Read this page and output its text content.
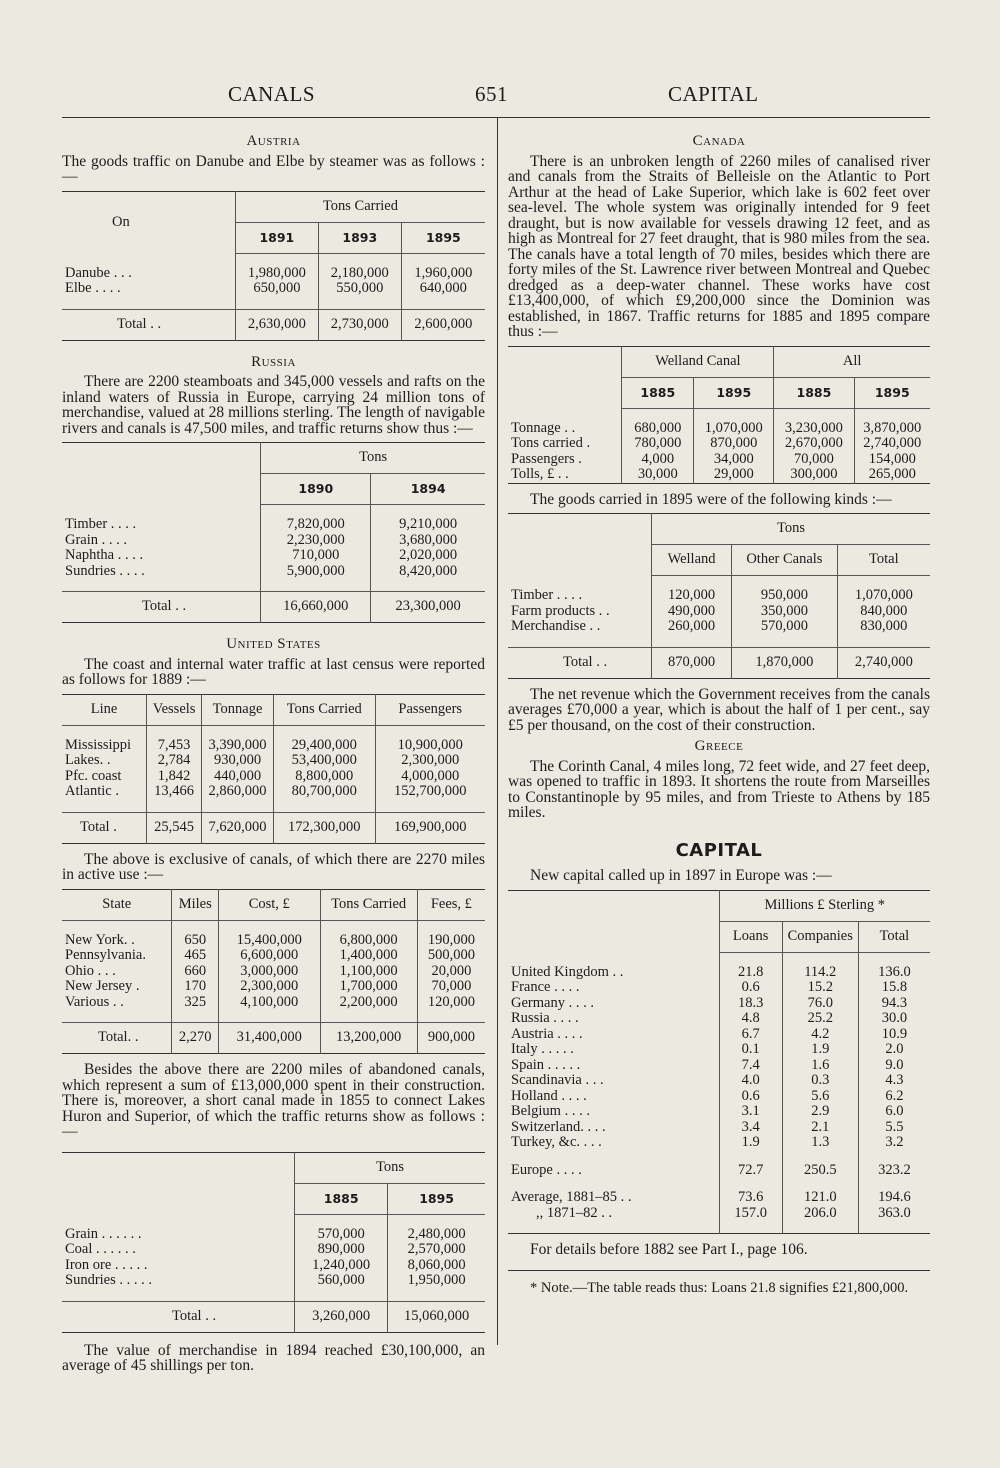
CANALS	651	CAPITAL
Austria

The goods traffic on Danube and Elbe by steamer was as follows :—

On	Tons Carried		
	1891	1893	1895

Danube . . .	1,980,000	2,180,000	1,960,000
Elbe . . . .	650,000	550,000	640,000

Total . .	2,630,000	2,730,000	2,600,000
Russia

There are 2200 steamboats and 345,000 vessels and rafts on the inland waters of Russia in Europe, carrying 24 million tons of merchandise, valued at 28 millions sterling. The length of navigable rivers and canals is 47,500 miles, and traffic returns show thus :—

	Tons	
	1890	1894

Timber . . . .	7,820,000	9,210,000
Grain . . . .	2,230,000	3,680,000
Naphtha . . . .	710,000	2,020,000
Sundries . . . .	5,900,000	8,420,000

Total . .	16,660,000	23,300,000
United States

The coast and internal water traffic at last census were reported as follows for 1889 :—

Line	Vessels	Tonnage	Tons Carried	Passengers

Mississippi	7,453	3,390,000	29,400,000	10,900,000
Lakes. .	2,784	930,000	53,400,000	2,300,000
Pfc. coast	1,842	440,000	8,800,000	4,000,000
Atlantic .	13,466	2,860,000	80,700,000	152,700,000

Total .	25,545	7,620,000	172,300,000	169,900,000

The above is exclusive of canals, of which there are 2270 miles in active use :—

State	Miles	Cost, £	Tons Carried	Fees, £

New York. .	650	15,400,000	6,800,000	190,000
Pennsylvania.	465	6,600,000	1,400,000	500,000
Ohio . . .	660	3,000,000	1,100,000	20,000
New Jersey .	170	2,300,000	1,700,000	70,000
Various . .	325	4,100,000	2,200,000	120,000

Total. .	2,270	31,400,000	13,200,000	900,000

Besides the above there are 2200 miles of abandoned canals, which represent a sum of £13,000,000 spent in their construction. There is, moreover, a short canal made in 1855 to connect Lakes Huron and Superior, of which the traffic returns show as follows :—

	Tons	
	1885	1895

Grain . . . . . .	570,000	2,480,000
Coal . . . . . .	890,000	2,570,000
Iron ore . . . . .	1,240,000	8,060,000
Sundries . . . . .	560,000	1,950,000

Total . .	3,260,000	15,060,000

The value of merchandise in 1894 reached £30,100,000, an average of 45 shillings per ton.

Canada

There is an unbroken length of 2260 miles of canalised river and canals from the Straits of Belleisle on the Atlantic to Port Arthur at the head of Lake Superior, which lake is 602 feet over sea-level. The whole system was originally intended for 9 feet draught, but is now available for vessels drawing 12 feet, and as high as Montreal for 27 feet draught, that is 980 miles from the sea. The canals have a total length of 70 miles, besides which there are forty miles of the St. Lawrence river between Montreal and Quebec dredged as a deep-water channel. These works have cost £13,400,000, of which £9,200,000 since the Dominion was established, in 1867. Traffic returns for 1885 and 1895 compare thus :—

	Welland Canal		All	
	1885	1895	1885	1895

Tonnage . .	680,000	1,070,000	3,230,000	3,870,000
Tons carried .	780,000	870,000	2,670,000	2,740,000
Passengers .	4,000	34,000	70,000	154,000
Tolls, £ . .	30,000	29,000	300,000	265,000

The goods carried in 1895 were of the following kinds :—

	Tons		
	Welland	Other Canals	Total

Timber . . . .	120,000	950,000	1,070,000
Farm products . .	490,000	350,000	840,000
Merchandise . .	260,000	570,000	830,000

Total . .	870,000	1,870,000	2,740,000

The net revenue which the Government receives from the canals averages £70,000 a year, which is about the half of 1 per cent., say £5 per thousand, on the cost of their construction.

Greece

The Corinth Canal, 4 miles long, 72 feet wide, and 27 feet deep, was opened to traffic in 1893. It shortens the route from Marseilles to Constantinople by 95 miles, and from Trieste to Athens by 185 miles.

CAPITAL

New capital called up in 1897 in Europe was :—

	Millions £ Sterling *		
	Loans	Companies	Total

United Kingdom . .	21.8	114.2	136.0
France . . . .	0.6	15.2	15.8
Germany . . . .	18.3	76.0	94.3
Russia . . . .	4.8	25.2	30.0
Austria . . . .	6.7	4.2	10.9
Italy . . . . .	0.1	1.9	2.0
Spain . . . . .	7.4	1.6	9.0
Scandinavia . . .	4.0	0.3	4.3
Holland . . . .	0.6	5.6	6.2
Belgium . . . .	3.1	2.9	6.0
Switzerland. . . .	3.4	2.1	5.5
Turkey, &c. . . .	1.9	1.3	3.2

Europe . . . .	72.7	250.5	323.2

Average, 1881–85 . .	73.6	121.0	194.6
,, 1871–82 . .	157.0	206.0	363.0

For details before 1882 see Part I., page 106.

* Note.—The table reads thus: Loans 21.8 signifies £21,800,000.
